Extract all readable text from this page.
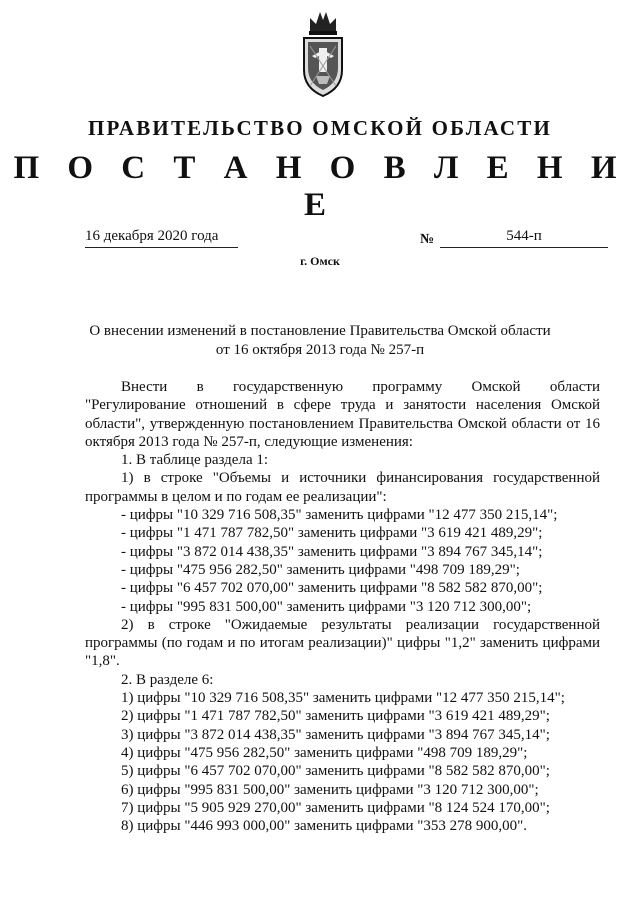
ПРАВИТЕЛЬСТВО ОМСКОЙ ОБЛАСТИ
П О С Т А Н О В Л Е Н И Е
16 декабря 2020 года	№	544-п
г. Омск
О внесении изменений в постановление Правительства Омской области
от 16 октября 2013 года № 257-п

Внести в государственную программу Омской области

"Регулирование отношений в сфере труда и занятости населения Омской области", утвержденную постановлением Правительства Омской области от 16 октября 2013 года № 257-п, следующие изменения:

1. В таблице раздела 1:

1) в строке "Объемы и источники финансирования государственной программы в целом и по годам ее реализации":

- цифры "10 329 716 508,35" заменить цифрами "12 477 350 215,14";

- цифры "1 471 787 782,50" заменить цифрами "3 619 421 489,29";

- цифры "3 872 014 438,35" заменить цифрами "3 894 767 345,14";

- цифры "475 956 282,50" заменить цифрами "498 709 189,29";

- цифры "6 457 702 070,00" заменить цифрами "8 582 582 870,00";

- цифры "995 831 500,00" заменить цифрами "3 120 712 300,00";

2) в строке "Ожидаемые результаты реализации государственной программы (по годам и по итогам реализации)" цифры "1,2" заменить цифрами "1,8".

2. В разделе 6:

1) цифры "10 329 716 508,35" заменить цифрами "12 477 350 215,14";

2) цифры "1 471 787 782,50" заменить цифрами "3 619 421 489,29";

3) цифры "3 872 014 438,35" заменить цифрами "3 894 767 345,14";

4) цифры "475 956 282,50" заменить цифрами "498 709 189,29";

5) цифры "6 457 702 070,00" заменить цифрами "8 582 582 870,00";

6) цифры "995 831 500,00" заменить цифрами "3 120 712 300,00";

7) цифры "5 905 929 270,00" заменить цифрами "8 124 524 170,00";

8) цифры "446 993 000,00" заменить цифрами "353 278 900,00".
